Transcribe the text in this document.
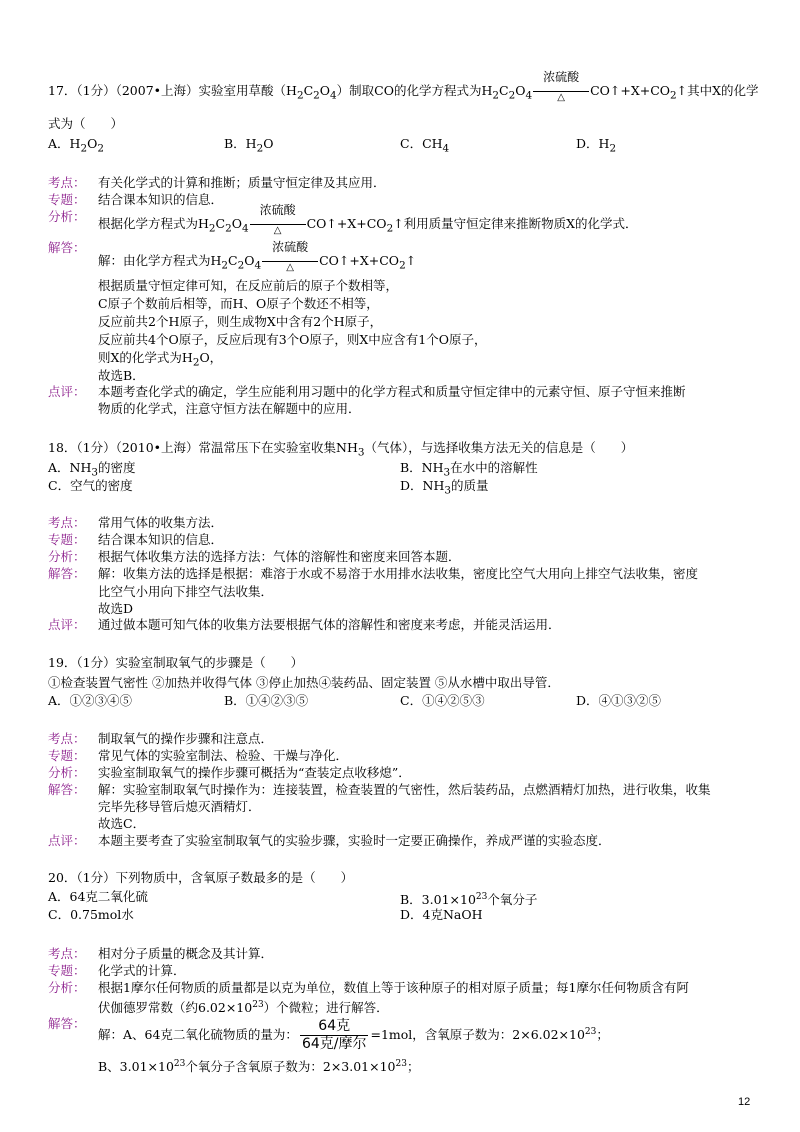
17．（1分）（2007•上海）实验室用草酸$(H_2C_2O_4)$制取CO的化学方程式为$H_2C_2O_4$
浓硫酸
△	$CO↑+X+CO_2↑$其中X的化学
式为（　　）
A．$H_2O_2$	B．$H_2O$	C．$CH_4$	D．$H_2$
考点： 有关化学式的计算和推断；质量守恒定律及其应用．
专题： 结合课本知识的信息．
分析： 根据化学方程式为$H_2C_2O_4$
浓硫酸
△	$CO↑+X+CO_2↑$利用质量守恒定律来推断物质X的化学式．
解答：
解：由化学方程式为$H_2C_2O_4$
浓硫酸
△	$CO↑+X+CO_2↑$
根据质量守恒定律可知，在反应前后的原子个数相等，
C原子个数前后相等，而H、O原子个数还不相等，
反应前共2个H原子，则生成物X中含有2个H原子，
反应前共4个O原子，反应后现有3个O原子，则X中应含有1个O原子，
则X的化学式为$H_2O$，
故选B．
点评： 本题考查化学式的确定，学生应能利用习题中的化学方程式和质量守恒定律中的元素守恒、原子守恒来推断
物质的化学式，注意守恒方法在解题中的应用．
18．（1分）（2010•上海）常温常压下在实验室收集$NH_3$（气体），与选择收集方法无关的信息是（　　）
A．$NH_3$的密度	B．$NH_3$在水中的溶解性
C．空气的密度	D．$NH_3$的质量
考点： 常用气体的收集方法．
专题： 结合课本知识的信息．
分析： 根据气体收集方法的选择方法：气体的溶解性和密度来回答本题．
解答： 解：收集方法的选择是根据：难溶于水或不易溶于水用排水法收集，密度比空气大用向上排空气法收集，密度
比空气小用向下排空气法收集．
故选D
点评： 通过做本题可知气体的收集方法要根据气体的溶解性和密度来考虑，并能灵活运用．
19．（1分）实验室制取氧气的步骤是（　　）
①检查装置气密性 ②加热并收得气体 ③停止加热④装药品、固定装置 ⑤从水槽中取出导管．
A．①②③④⑤	B．①④②③⑤	C．①④②⑤③	D．④①③②⑤
考点： 制取氧气的操作步骤和注意点．
专题： 常见气体的实验室制法、检验、干燥与净化．
分析： 实验室制取氧气的操作步骤可概括为“查装定点收移熄”．
解答： 解：实验室制取氧气时操作为：连接装置，检查装置的气密性，然后装药品，点燃酒精灯加热，进行收集，收集
完毕先移导管后熄灭酒精灯．
故选C．
点评： 本题主要考查了实验室制取氧气的实验步骤，实验时一定要正确操作，养成严谨的实验态度．
20．（1分）下列物质中，含氧原子数最多的是（　　）
A．64克二氧化硫	B．$3.01\times 10^{23}$个氧分子
C．0.75mol水	D．4克NaOH
考点： 相对分子质量的概念及其计算．
专题： 化学式的计算．
分析： 根据1摩尔任何物质的质量都是以克为单位，数值上等于该种原子的相对原子质量；每1摩尔任何物质含有阿
伏伽德罗常数（约$6.02\times 10^{23}$）个微粒；进行解答．
解答：
解：A、64克二氧化硫物质的量为： $\frac{\text{64克}}{\text{64克/摩尔}} =1mol$，含氧原子数为：$2\times 6.02\times 10^{23}$；
B、$3.01\times 10^{23}$个氧分子含氧原子数为：$2\times 3.01\times 10^{23}$；
12
